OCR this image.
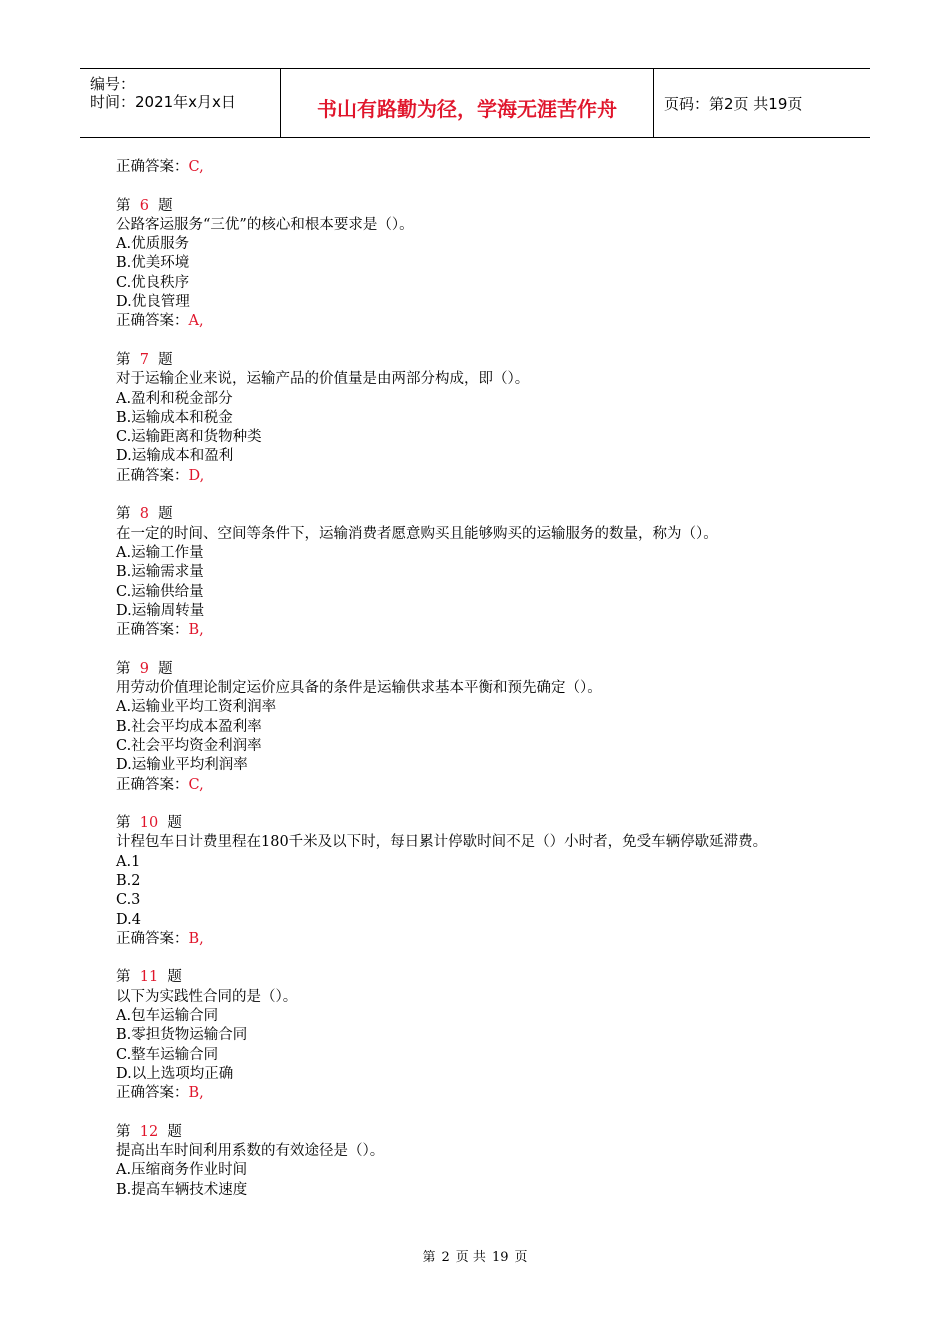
编号：
时间：2021年x月x日	书山有路勤为径，学海无涯苦作舟	页码：第2页 共19页
正确答案：C,
第 6 题
公路客运服务“三优”的核心和根本要求是（）。
A.优质服务
B.优美环境
C.优良秩序
D.优良管理
正确答案：A,
第 7 题
对于运输企业来说，运输产品的价值量是由两部分构成，即（）。
A.盈利和税金部分
B.运输成本和税金
C.运输距离和货物种类
D.运输成本和盈利
正确答案：D,
第 8 题
在一定的时间、空间等条件下，运输消费者愿意购买且能够购买的运输服务的数量，称为（）。
A.运输工作量
B.运输需求量
C.运输供给量
D.运输周转量
正确答案：B,
第 9 题
用劳动价值理论制定运价应具备的条件是运输供求基本平衡和预先确定（）。
A.运输业平均工资利润率
B.社会平均成本盈利率
C.社会平均资金利润率
D.运输业平均利润率
正确答案：C,
第 10 题
计程包车日计费里程在180千米及以下时，每日累计停歇时间不足（）小时者，免受车辆停歇延滞费。
A.1
B.2
C.3
D.4
正确答案：B,
第 11 题
以下为实践性合同的是（）。
A.包车运输合同
B.零担货物运输合同
C.整车运输合同
D.以上选项均正确
正确答案：B,
第 12 题
提高出车时间利用系数的有效途径是（）。
A.压缩商务作业时间
B.提高车辆技术速度
第 2 页 共 19 页
